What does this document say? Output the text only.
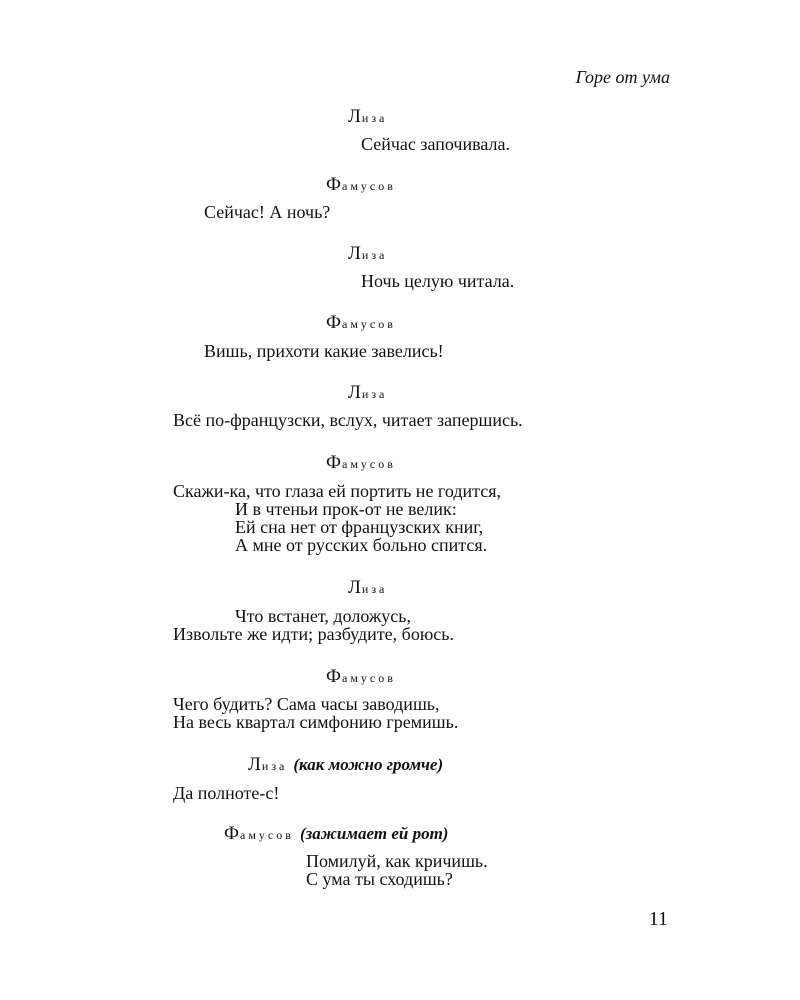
Горе от ума
Лиза
Сейчас започивала.
Фамусов
Сейчас! А ночь?
Лиза
Ночь целую читала.
Фамусов
Вишь, прихоти какие завелись!
Лиза
Всё по-французски, вслух, читает запершись.
Фамусов
Скажи-ка, что глаза ей портить не годится,
И в чтеньи прок-от не велик:
Ей сна нет от французских книг,
А мне от русских больно спится.
Лиза
Что встанет, доложусь,
Извольте же идти; разбудите, боюсь.
Фамусов
Чего будить? Сама часы заводишь,
На весь квартал симфонию гремишь.
Лиза (как можно громче)
Да полноте-с!
Фамусов (зажимает ей рот)
Помилуй, как кричишь.
С ума ты сходишь?
11
